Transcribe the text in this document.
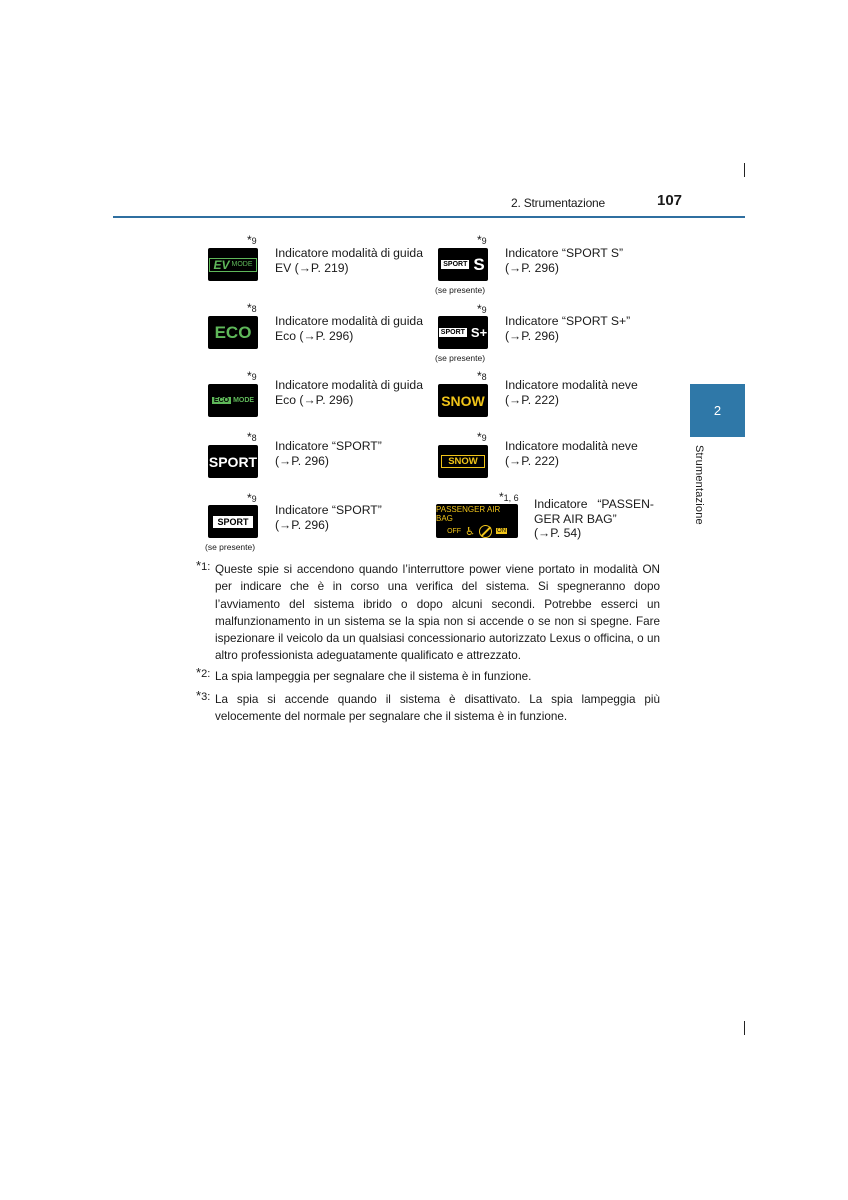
2. Strumentazione	107
2
Strumentazione
*9
EV MODE
Indicatore modalità di guida
EV (→P. 219)
*8
ECO
Indicatore modalità di guida
Eco (→P. 296)
*9
ECO MODE
Indicatore modalità di guida
Eco (→P. 296)
*8
SPORT
Indicatore “SPORT”
(→P. 296)
*9
SPORT
(se presente)
Indicatore “SPORT”
(→P. 296)
*9
SPORT S
(se presente)
Indicatore “SPORT S”
(→P. 296)
*9
SPORT S+
(se presente)
Indicatore “SPORT S+”
(→P. 296)
*8
SNOW
Indicatore modalità neve
(→P. 222)
*9
SNOW
Indicatore modalità neve
(→P. 222)
*1, 6
PASSENGER AIR BAG
OFF ♿	ON
Indicatore “PASSEN-
GER AIR BAG”
(→P. 54)
*1: Queste spie si accendono quando l’interruttore power viene portato in modalità ON per indicare che è in corso una verifica del sistema. Si spegneranno dopo l’avviamento del sistema ibrido o dopo alcuni secondi. Potrebbe esserci un malfunzionamento in un sistema se la spia non si accende o se non si spegne. Fare ispezionare il veicolo da un qualsiasi concessionario autorizzato Lexus o officina, o un altro professionista adeguatamente qualificato e attrezzato.
*2: La spia lampeggia per segnalare che il sistema è in funzione.
*3: La spia si accende quando il sistema è disattivato. La spia lampeggia più velocemente del normale per segnalare che il sistema è in funzione.
